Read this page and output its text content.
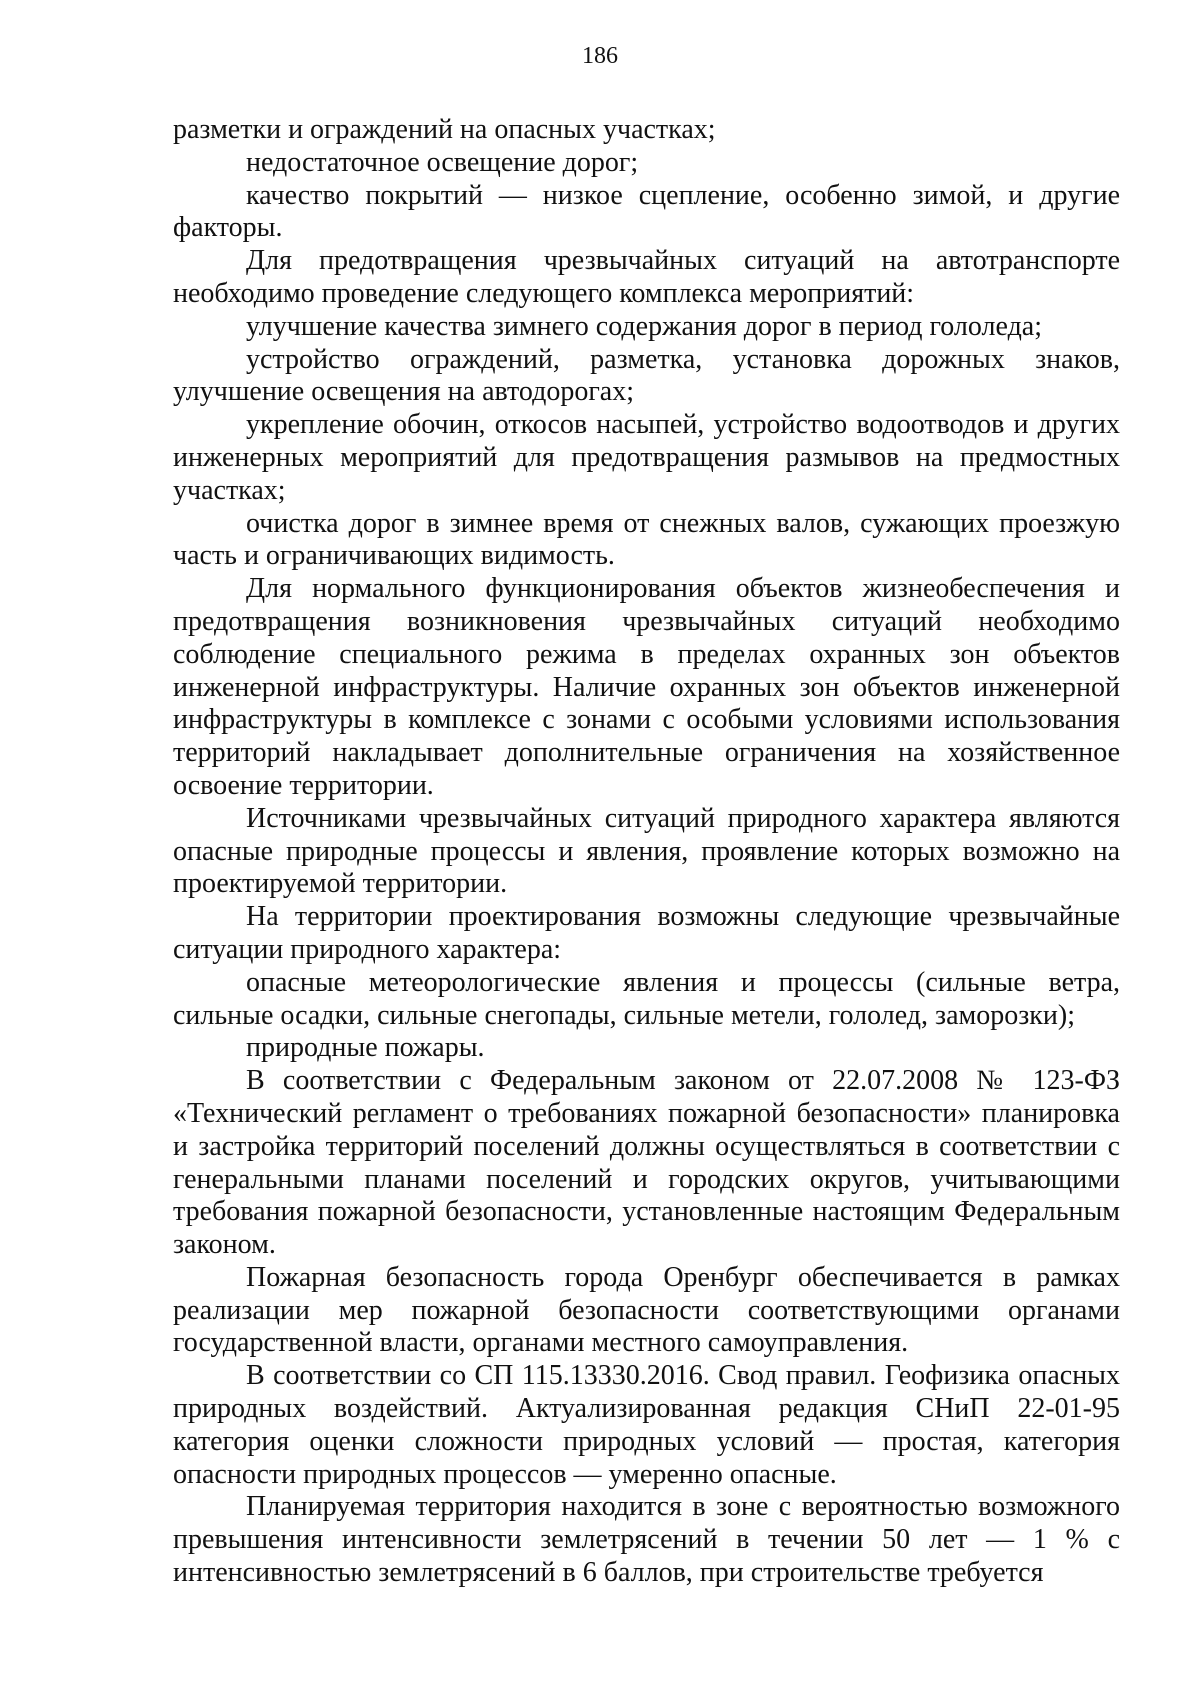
186

разметки и ограждений на опасных участках;

недостаточное освещение дорог;

качество покрытий — низкое сцепление, особенно зимой, и другие факторы.

Для предотвращения чрезвычайных ситуаций на автотранспорте необходимо проведение следующего комплекса мероприятий:

улучшение качества зимнего содержания дорог в период гололеда;

устройство ограждений, разметка, установка дорожных знаков, улучшение освещения на автодорогах;

укрепление обочин, откосов насыпей, устройство водоотводов и других инженерных мероприятий для предотвращения размывов на предмостных участках;

очистка дорог в зимнее время от снежных валов, сужающих проезжую часть и ограничивающих видимость.

Для нормального функционирования объектов жизнеобеспечения и предотвращения возникновения чрезвычайных ситуаций необходимо соблюдение специального режима в пределах охранных зон объектов инженерной инфраструктуры. Наличие охранных зон объектов инженерной инфраструктуры в комплексе с зонами с особыми условиями использования территорий накладывает дополнительные ограничения на хозяйственное освоение территории.

Источниками чрезвычайных ситуаций природного характера являются опасные природные процессы и явления, проявление которых возможно на проектируемой территории.

На территории проектирования возможны следующие чрезвычайные ситуации природного характера:

опасные метеорологические явления и процессы (сильные ветра, сильные осадки, сильные снегопады, сильные метели, гололед, заморозки);

природные пожары.

В соответствии с Федеральным законом от 22.07.2008 № 123-ФЗ «Технический регламент о требованиях пожарной безопасности» планировка и застройка территорий поселений должны осуществляться в соответствии с генеральными планами поселений и городских округов, учитывающими требования пожарной безопасности, установленные настоящим Федеральным законом.

Пожарная безопасность города Оренбург обеспечивается в рамках реализации мер пожарной безопасности соответствующими органами государственной власти, органами местного самоуправления.

В соответствии со СП 115.13330.2016. Свод правил. Геофизика опасных природных воздействий. Актуализированная редакция СНиП 22-01-95 категория оценки сложности природных условий — простая, категория опасности природных процессов — умеренно опасные.

Планируемая территория находится в зоне с вероятностью возможного превышения интенсивности землетрясений в течении 50 лет — 1 % с интенсивностью землетрясений в 6 баллов, при строительстве требуется
